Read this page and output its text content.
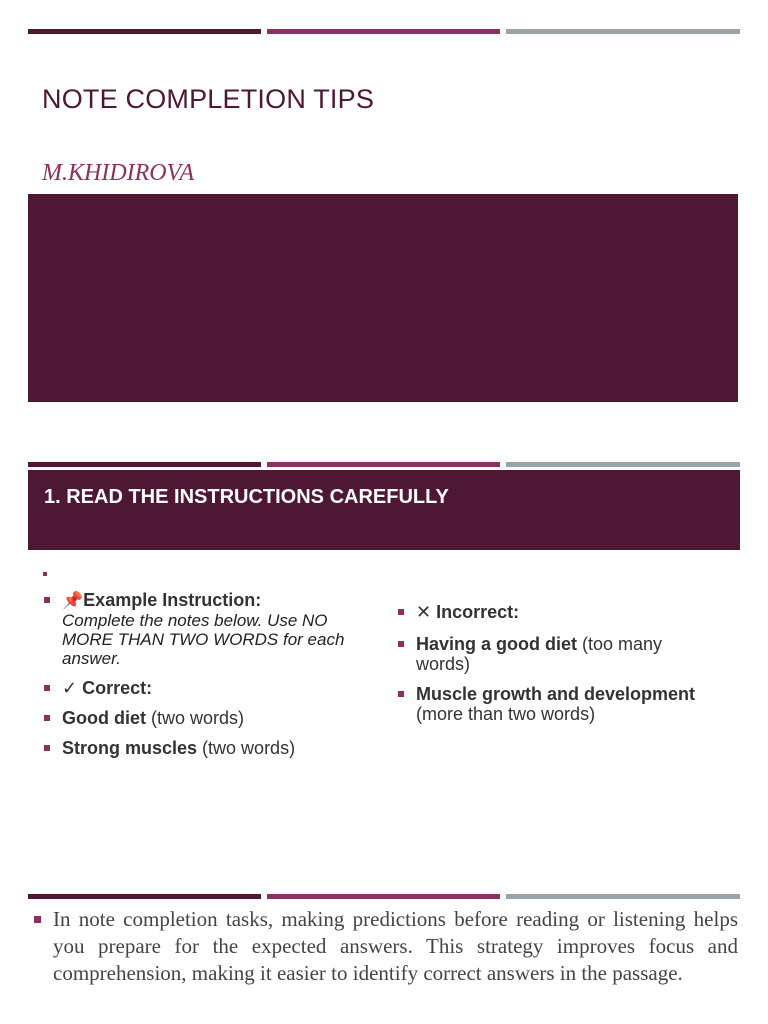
NOTE COMPLETION TIPS
M.KHIDIROVA
1. READ THE INSTRUCTIONS CAREFULLY
📌Example Instruction:
Complete the notes below. Use NO MORE THAN TWO WORDS for each answer.
✓ Correct:
Good diet (two words)
Strong muscles (two words)
✕ Incorrect:
Having a good diet (too many words)
Muscle growth and development (more than two words)

In note completion tasks, making predictions before reading or listening helps you prepare for the expected answers. This strategy improves focus and comprehension, making it easier to identify correct answers in the passage.
